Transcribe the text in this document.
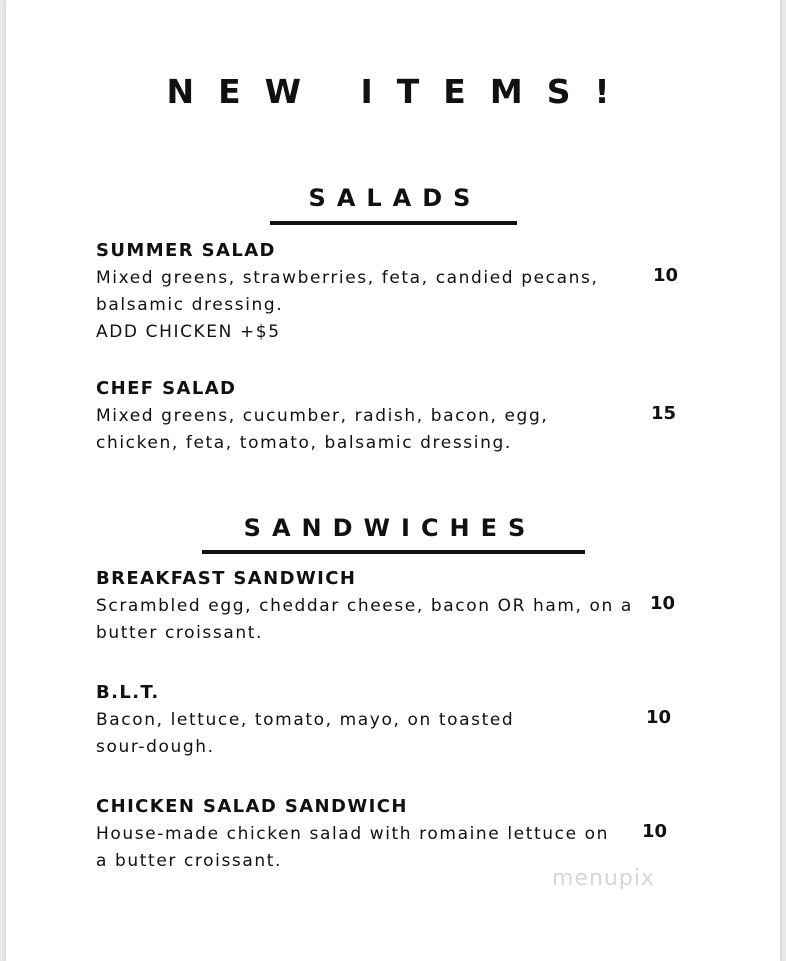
NEW ITEMS!
SALADS
SUMMER SALAD
Mixed greens, strawberries, feta, candied pecans, balsamic dressing.
ADD CHICKEN +$5
10
CHEF SALAD
Mixed greens, cucumber, radish, bacon, egg, chicken, feta, tomato, balsamic dressing.
15
SANDWICHES
BREAKFAST SANDWICH
Scrambled egg, cheddar cheese, bacon OR ham, on a butter croissant.
10
B.L.T.
Bacon, lettuce, tomato, mayo, on toasted sour-dough.
10
CHICKEN SALAD SANDWICH
House-made chicken salad with romaine lettuce on a butter croissant.
10
menupix
